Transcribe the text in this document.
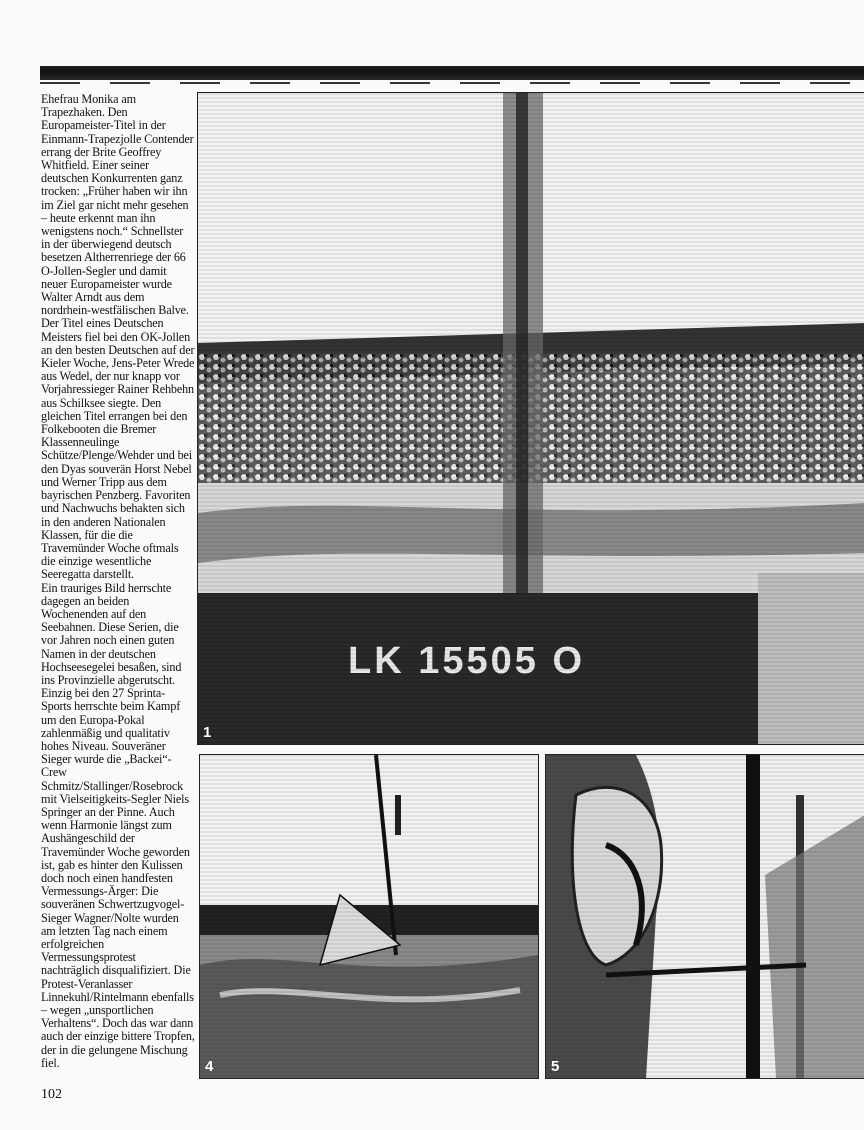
Ehefrau Monika am Trapezhaken. Den Europameister-Titel in der Einmann-Trapezjolle Contender errang der Brite Geoffrey Whitfield. Einer seiner deutschen Konkurrenten ganz trocken: „Früher haben wir ihn im Ziel gar nicht mehr gesehen – heute erkennt man ihn wenigstens noch.“ Schnellster in der überwiegend deutsch besetzen Altherrenriege der 66 O-Jollen-Segler und damit neuer Europameister wurde Walter Arndt aus dem nordrhein-westfälischen Balve. Der Titel eines Deutschen Meisters fiel bei den OK-Jollen an den besten Deutschen auf der Kieler Woche, Jens-Peter Wrede aus Wedel, der nur knapp vor Vorjahressieger Rainer Rehbehn aus Schilksee siegte. Den gleichen Titel errangen bei den Folkebooten die Bremer Klassenneulinge Schütze/Plenge/Wehder und bei den Dyas souverän Horst Nebel und Werner Tripp aus dem bayrischen Penzberg. Favoriten und Nachwuchs behakten sich in den anderen Nationalen Klassen, für die die Travemünder Woche oftmals die einzige wesentliche Seeregatta darstellt.

Ein trauriges Bild herrschte dagegen an beiden Wochenenden auf den Seebahnen. Diese Serien, die vor Jahren noch einen guten Namen in der deutschen Hochseesegelei besaßen, sind ins Provinzielle abgerutscht. Einzig bei den 27 Sprinta-Sports herrschte beim Kampf um den Europa-Pokal zahlenmäßig und qualitativ hohes Niveau. Souveräner Sieger wurde die „Backei“-Crew Schmitz/Stallinger/Rosebrock mit Vielseitigkeits-Segler Niels Springer an der Pinne. Auch wenn Harmonie längst zum Aushängeschild der Travemünder Woche geworden ist, gab es hinter den Kulissen doch noch einen handfesten Vermessungs-Ärger: Die souveränen Schwertzugvogel-Sieger Wagner/Nolte wurden am letzten Tag nach einem erfolgreichen Vermessungsprotest nachträglich disqualifiziert. Die Protest-Veranlasser Linnekuhl/Rintelmann ebenfalls – wegen „unsportlichen Verhaltens“. Doch das war dann auch der einzige bittere Tropfen, der in die gelungene Mischung fiel.

1
4	5
102
